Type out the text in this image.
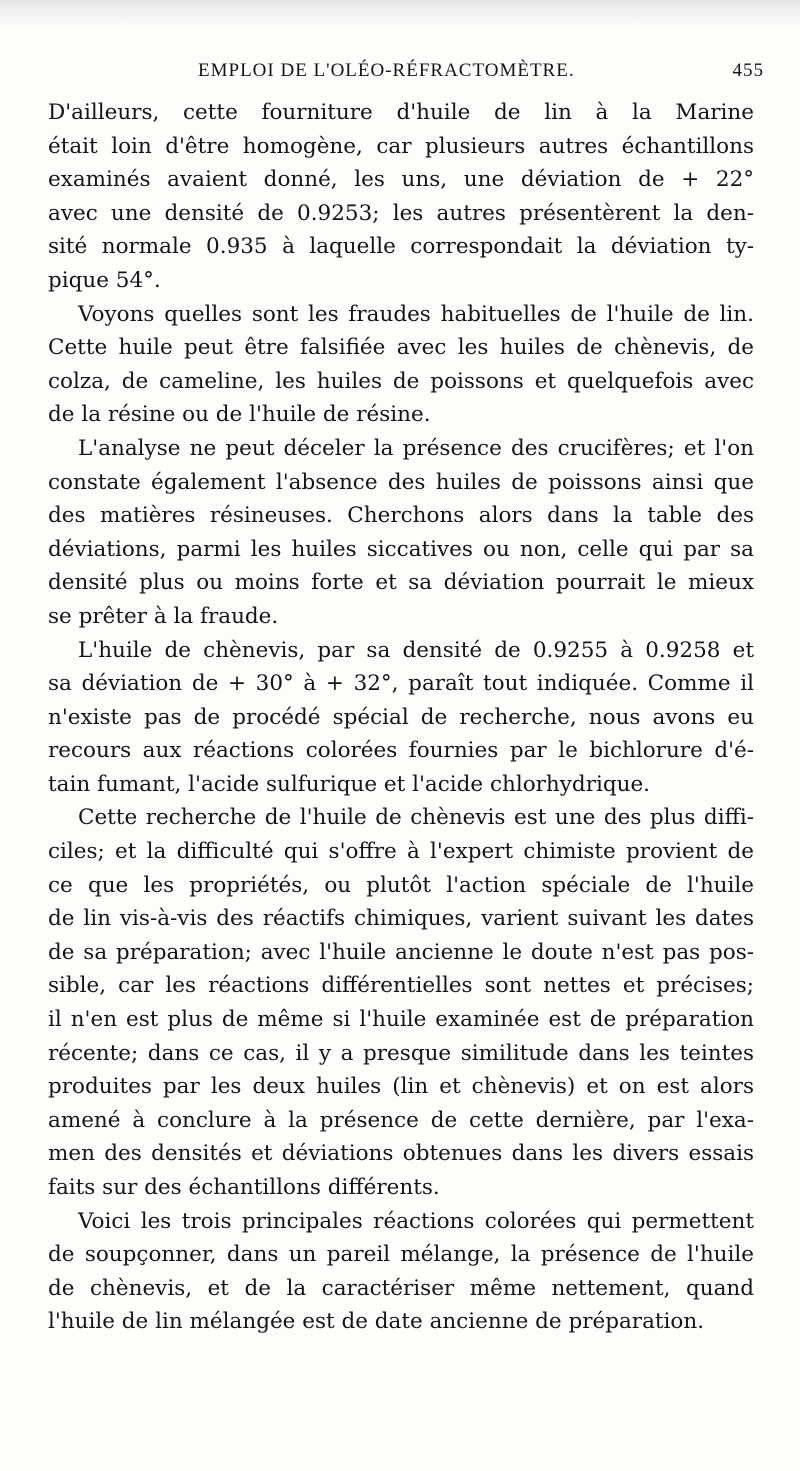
EMPLOI DE L'OLÉO-RÉFRACTOMÈTRE.	455
D'ailleurs, cette fourniture d'huile de lin à la Marine
était loin d'être homogène, car plusieurs autres échantillons
examinés avaient donné, les uns, une déviation de + 22°
avec une densité de 0.9253; les autres présentèrent la den-
sité normale 0.935 à laquelle correspondait la déviation ty-
pique 54°.
Voyons quelles sont les fraudes habituelles de l'huile de lin.
Cette huile peut être falsifiée avec les huiles de chènevis, de
colza, de cameline, les huiles de poissons et quelquefois avec
de la résine ou de l'huile de résine.
L'analyse ne peut déceler la présence des crucifères; et l'on
constate également l'absence des huiles de poissons ainsi que
des matières résineuses. Cherchons alors dans la table des
déviations, parmi les huiles siccatives ou non, celle qui par sa
densité plus ou moins forte et sa déviation pourrait le mieux
se prêter à la fraude.
L'huile de chènevis, par sa densité de 0.9255 à 0.9258 et
sa déviation de + 30° à + 32°, paraît tout indiquée. Comme il
n'existe pas de procédé spécial de recherche, nous avons eu
recours aux réactions colorées fournies par le bichlorure d'é-
tain fumant, l'acide sulfurique et l'acide chlorhydrique.
Cette recherche de l'huile de chènevis est une des plus diffi-
ciles; et la difficulté qui s'offre à l'expert chimiste provient de
ce que les propriétés, ou plutôt l'action spéciale de l'huile
de lin vis-à-vis des réactifs chimiques, varient suivant les dates
de sa préparation; avec l'huile ancienne le doute n'est pas pos-
sible, car les réactions différentielles sont nettes et précises;
il n'en est plus de même si l'huile examinée est de préparation
récente; dans ce cas, il y a presque similitude dans les teintes
produites par les deux huiles (lin et chènevis) et on est alors
amené à conclure à la présence de cette dernière, par l'exa-
men des densités et déviations obtenues dans les divers essais
faits sur des échantillons différents.
Voici les trois principales réactions colorées qui permettent
de soupçonner, dans un pareil mélange, la présence de l'huile
de chènevis, et de la caractériser même nettement, quand
l'huile de lin mélangée est de date ancienne de préparation.
